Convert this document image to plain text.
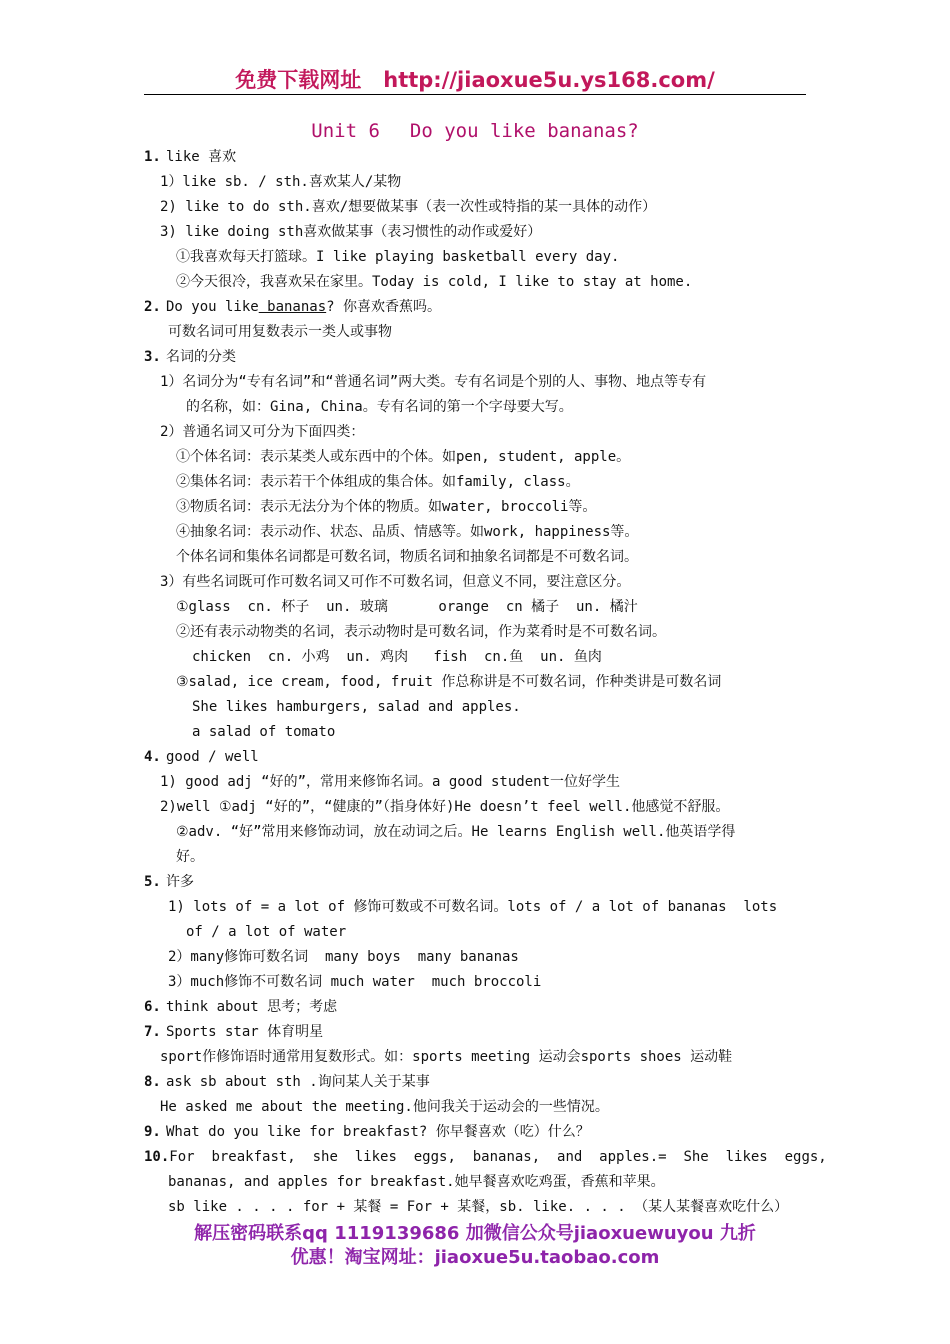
免费下载网址 http://jiaoxue5u.ys168.com/
Unit 6 Do you like bananas?
1. like 喜欢
1）like sb. / sth.喜欢某人/某物
2) like to do sth.喜欢/想要做某事（表一次性或特指的某一具体的动作）
3) like doing sth喜欢做某事（表习惯性的动作或爱好）
①我喜欢每天打篮球。I like playing basketball every day.
②今天很冷，我喜欢呆在家里。Today is cold, I like to stay at home.
2. Do you like bananas? 你喜欢香蕉吗。
可数名词可用复数表示一类人或事物
3. 名词的分类
1）名词分为“专有名词”和“普通名词”两大类。专有名词是个别的人、事物、地点等专有
的名称，如：Gina, China。专有名词的第一个字母要大写。
2）普通名词又可分为下面四类：
①个体名词：表示某类人或东西中的个体。如pen, student, apple。
②集体名词：表示若干个体组成的集合体。如family, class。
③物质名词：表示无法分为个体的物质。如water, broccoli等。
④抽象名词：表示动作、状态、品质、情感等。如work, happiness等。
个体名词和集体名词都是可数名词，物质名词和抽象名词都是不可数名词。
3）有些名词既可作可数名词又可作不可数名词，但意义不同，要注意区分。
①glass  cn. 杯子  un. 玻璃      orange  cn 橘子  un. 橘汁
②还有表示动物类的名词，表示动物时是可数名词，作为菜肴时是不可数名词。
chicken  cn. 小鸡  un. 鸡肉   fish  cn.鱼  un. 鱼肉
③salad, ice cream, food, fruit 作总称讲是不可数名词，作种类讲是可数名词
She likes hamburgers, salad and apples.
a salad of tomato
4. good / well
1) good adj “好的”，常用来修饰名词。a good student一位好学生
2)well ①adj “好的”，“健康的”（指身体好)He doesn’t feel well.他感觉不舒服。
②adv. “好”常用来修饰动词，放在动词之后。He learns English well.他英语学得
好。
5. 许多
1) lots of = a lot of 修饰可数或不可数名词。lots of / a lot of bananas  lots
of / a lot of water
2）many修饰可数名词  many boys  many bananas
3）much修饰不可数名词 much water  much broccoli
6. think about 思考；考虑
7. Sports star 体育明星
sport作修饰语时通常用复数形式。如：sports meeting 运动会sports shoes 运动鞋
8. ask sb about sth .询问某人关于某事
He asked me about the meeting.他问我关于运动会的一些情况。
9. What do you like for breakfast? 你早餐喜欢（吃）什么？
10.For  breakfast,  she  likes  eggs,  bananas,  and  apples.=  She  likes  eggs,
bananas, and apples for breakfast.她早餐喜欢吃鸡蛋，香蕉和苹果。
sb like . . . . for + 某餐 = For + 某餐，sb. like. . . . （某人某餐喜欢吃什么）
解压密码联系qq 1119139686 加微信公众号jiaoxuewuyou 九折
优惠！淘宝网址：jiaoxue5u.taobao.com
